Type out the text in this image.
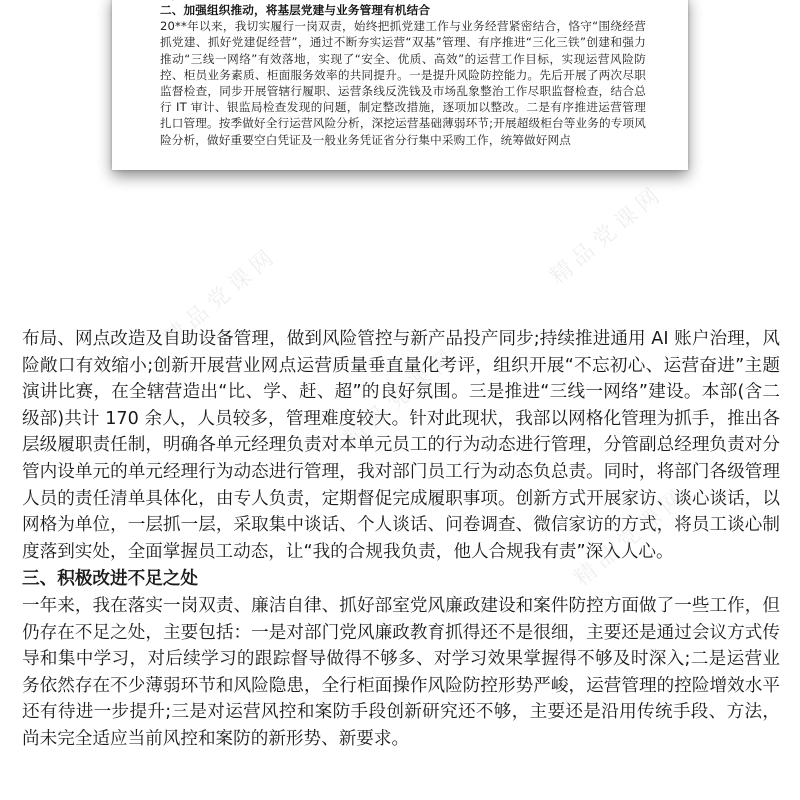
二、加强组织推动，将基层党建与业务管理有机结合

20**年以来，我切实履行一岗双责，始终把抓党建工作与业务经营紧密结合，恪守“围绕经营抓党建、抓好党建促经营”，通过不断夯实运营“双基”管理、有序推进“三化三铁”创建和强力推动“三线一网络”有效落地，实现了“安全、优质、高效”的运营工作目标，实现运营风险防控、柜员业务素质、柜面服务效率的共同提升。一是提升风险防控能力。先后开展了两次尽职监督检查，同步开展管辖行履职、运营条线反洗钱及市场乱象整治工作尽职监督检查，结合总行 IT 审计、银监局检查发现的问题，制定整改措施，逐项加以整改。二是有序推进运营管理扎口管理。按季做好全行运营风险分析，深挖运营基础薄弱环节;开展超级柜台等业务的专项风险分析，做好重要空白凭证及一般业务凭证省分行集中采购工作，统筹做好网点

精品党课网
精品党课网
精品党课网

布局、网点改造及自助设备管理，做到风险管控与新产品投产同步;持续推进通用 AI 账户治理，风险敞口有效缩小;创新开展营业网点运营质量垂直量化考评，组织开展“不忘初心、运营奋进”主题演讲比赛，在全辖营造出“比、学、赶、超”的良好氛围。三是推进“三线一网络”建设。本部(含二级部)共计 170 余人，人员较多，管理难度较大。针对此现状，我部以网格化管理为抓手，推出各层级履职责任制，明确各单元经理负责对本单元员工的行为动态进行管理，分管副总经理负责对分管内设单元的单元经理行为动态进行管理，我对部门员工行为动态负总责。同时，将部门各级管理人员的责任清单具体化，由专人负责，定期督促完成履职事项。创新方式开展家访、谈心谈话，以网格为单位，一层抓一层，采取集中谈话、个人谈话、问卷调查、微信家访的方式，将员工谈心制度落到实处，全面掌握员工动态，让“我的合规我负责，他人合规我有责”深入人心。

三、积极改进不足之处

一年来，我在落实一岗双责、廉洁自律、抓好部室党风廉政建设和案件防控方面做了一些工作，但仍存在不足之处，主要包括：一是对部门党风廉政教育抓得还不是很细，主要还是通过会议方式传导和集中学习，对后续学习的跟踪督导做得不够多、对学习效果掌握得不够及时深入;二是运营业务依然存在不少薄弱环节和风险隐患，全行柜面操作风险防控形势严峻，运营管理的控险增效水平还有待进一步提升;三是对运营风控和案防手段创新研究还不够，主要还是沿用传统手段、方法，尚未完全适应当前风控和案防的新形势、新要求。
